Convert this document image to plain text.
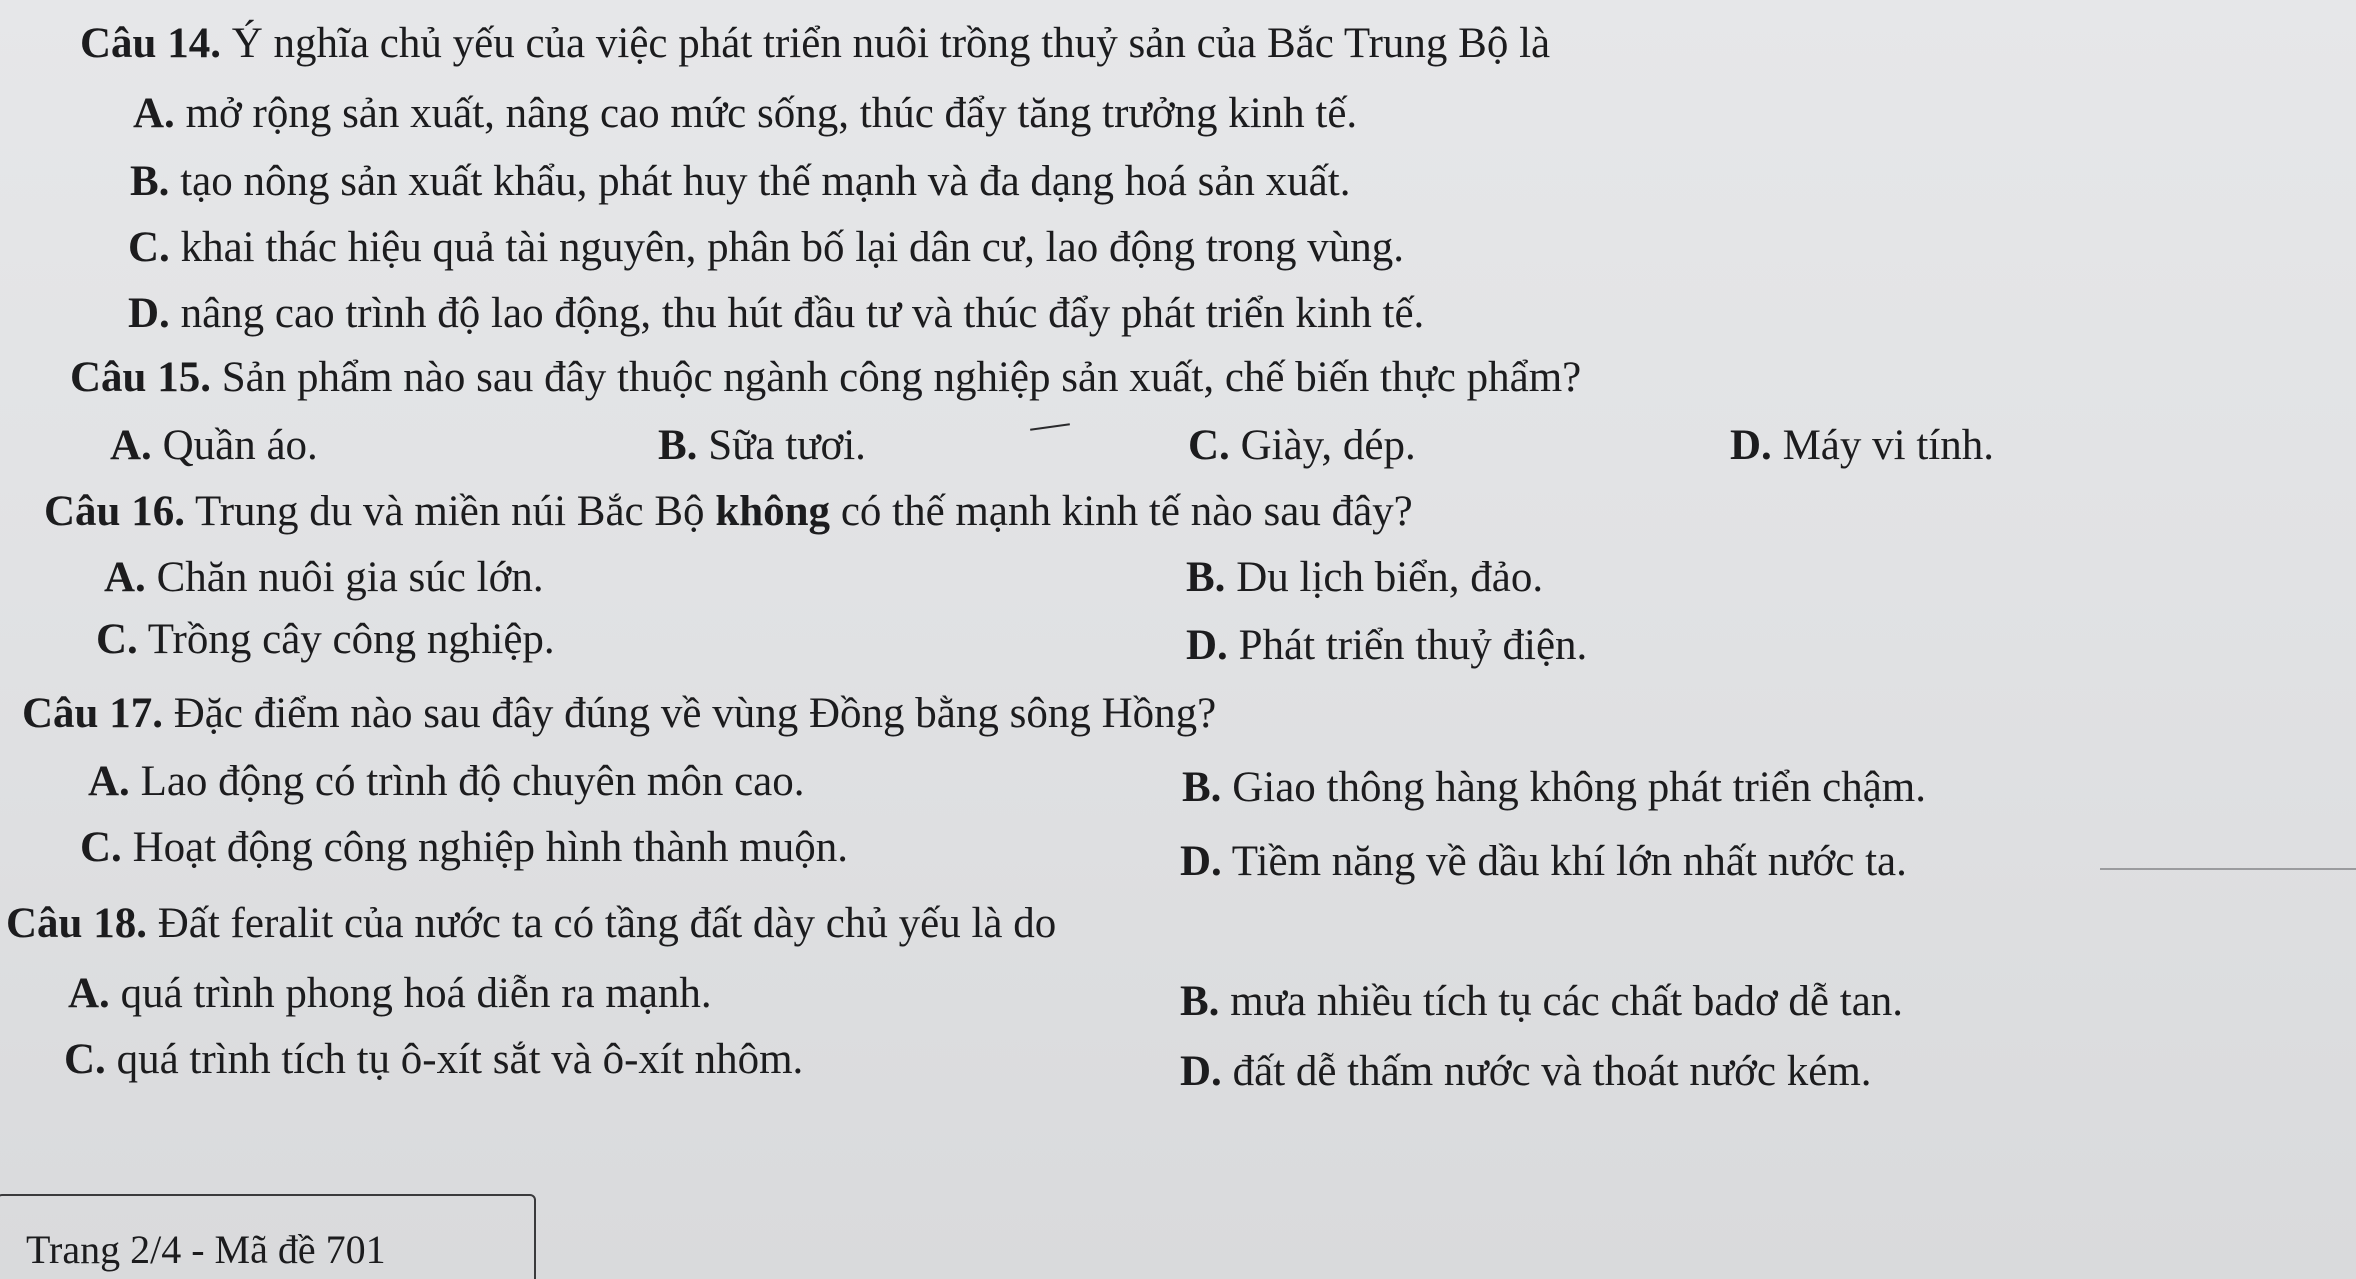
Câu 14. Ý nghĩa chủ yếu của việc phát triển nuôi trồng thuỷ sản của Bắc Trung Bộ là
A. mở rộng sản xuất, nâng cao mức sống, thúc đẩy tăng trưởng kinh tế.
B. tạo nông sản xuất khẩu, phát huy thế mạnh và đa dạng hoá sản xuất.
C. khai thác hiệu quả tài nguyên, phân bố lại dân cư, lao động trong vùng.
D. nâng cao trình độ lao động, thu hút đầu tư và thúc đẩy phát triển kinh tế.
Câu 15. Sản phẩm nào sau đây thuộc ngành công nghiệp sản xuất, chế biến thực phẩm?
A. Quần áo.	B. Sữa tươi.	C. Giày, dép.	D. Máy vi tính.
Câu 16. Trung du và miền núi Bắc Bộ không có thế mạnh kinh tế nào sau đây?
A. Chăn nuôi gia súc lớn.	B. Du lịch biển, đảo.
C. Trồng cây công nghiệp.	D. Phát triển thuỷ điện.
Câu 17. Đặc điểm nào sau đây đúng về vùng Đồng bằng sông Hồng?
A. Lao động có trình độ chuyên môn cao.	B. Giao thông hàng không phát triển chậm.
C. Hoạt động công nghiệp hình thành muộn.	D. Tiềm năng về dầu khí lớn nhất nước ta.
Câu 18. Đất feralit của nước ta có tầng đất dày chủ yếu là do
A. quá trình phong hoá diễn ra mạnh.	B. mưa nhiều tích tụ các chất badơ dễ tan.
C. quá trình tích tụ ô-xít sắt và ô-xít nhôm.	D. đất dễ thấm nước và thoát nước kém.
Trang 2/4 - Mã đề 701
